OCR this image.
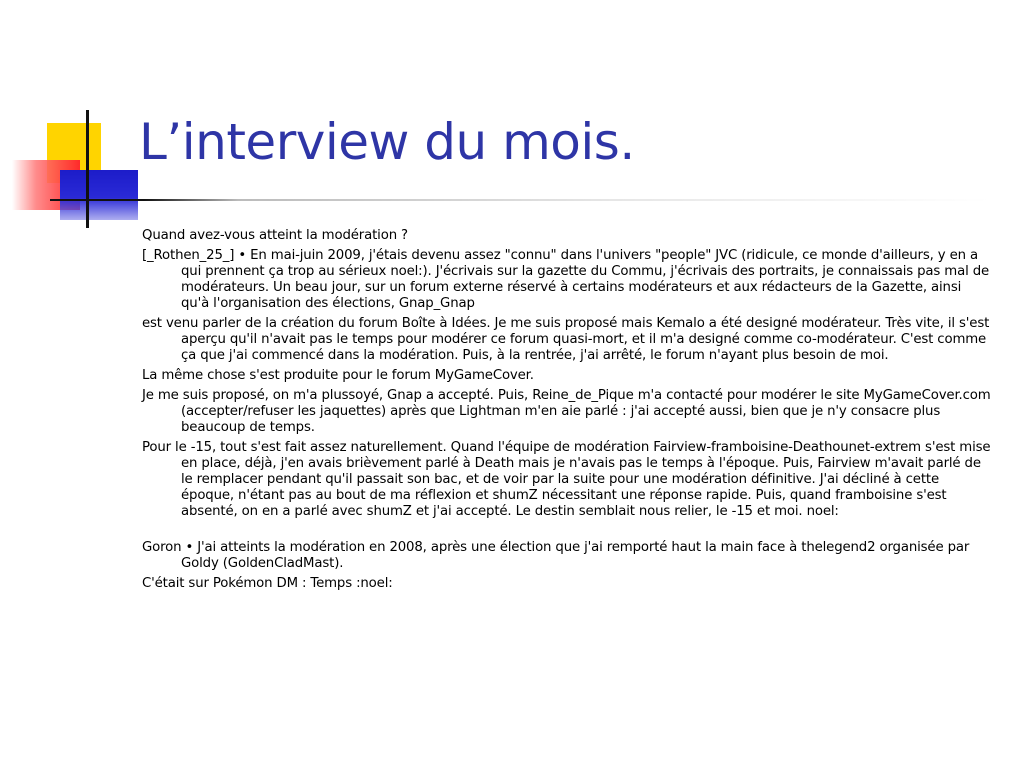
L’interview du mois.

Quand avez-vous atteint la modération ?

[_Rothen_25_] • En mai-juin 2009, j'étais devenu assez "connu" dans l'univers "people" JVC (ridicule, ce monde d'ailleurs, y en a qui prennent ça trop au sérieux noel:). J'écrivais sur la gazette du Commu, j'écrivais des portraits, je connaissais pas mal de modérateurs. Un beau jour, sur un forum externe réservé à certains modérateurs et aux rédacteurs de la Gazette, ainsi qu'à l'organisation des élections, Gnap_Gnap

est venu parler de la création du forum Boîte à Idées. Je me suis proposé mais Kemalo a été designé modérateur. Très vite, il s'est aperçu qu'il n'avait pas le temps pour modérer ce forum quasi-mort, et il m'a designé comme co-modérateur. C'est comme ça que j'ai commencé dans la modération. Puis, à la rentrée, j'ai arrêté, le forum n'ayant plus besoin de moi.

La même chose s'est produite pour le forum MyGameCover.

Je me suis proposé, on m'a plussoyé, Gnap a accepté. Puis, Reine_de_Pique m'a contacté pour modérer le site MyGameCover.com (accepter/refuser les jaquettes) après que Lightman m'en aie parlé : j'ai accepté aussi, bien que je n'y consacre plus beaucoup de temps.

Pour le -15, tout s'est fait assez naturellement. Quand l'équipe de modération Fairview-framboisine-Deathounet-extrem s'est mise en place, déjà, j'en avais brièvement parlé à Death mais je n'avais pas le temps à l'époque. Puis, Fairview m'avait parlé de le remplacer pendant qu'il passait son bac, et de voir par la suite pour une modération définitive. J'ai décliné à cette époque, n'étant pas au bout de ma réflexion et shumZ nécessitant une réponse rapide. Puis, quand framboisine s'est absenté, on en a parlé avec shumZ et j'ai accepté. Le destin semblait nous relier, le -15 et moi. noel:

Goron • J'ai atteints la modération en 2008, après une élection que j'ai remporté haut la main face à thelegend2 organisée par Goldy (GoldenCladMast).

C'était sur Pokémon DM : Temps :noel:
